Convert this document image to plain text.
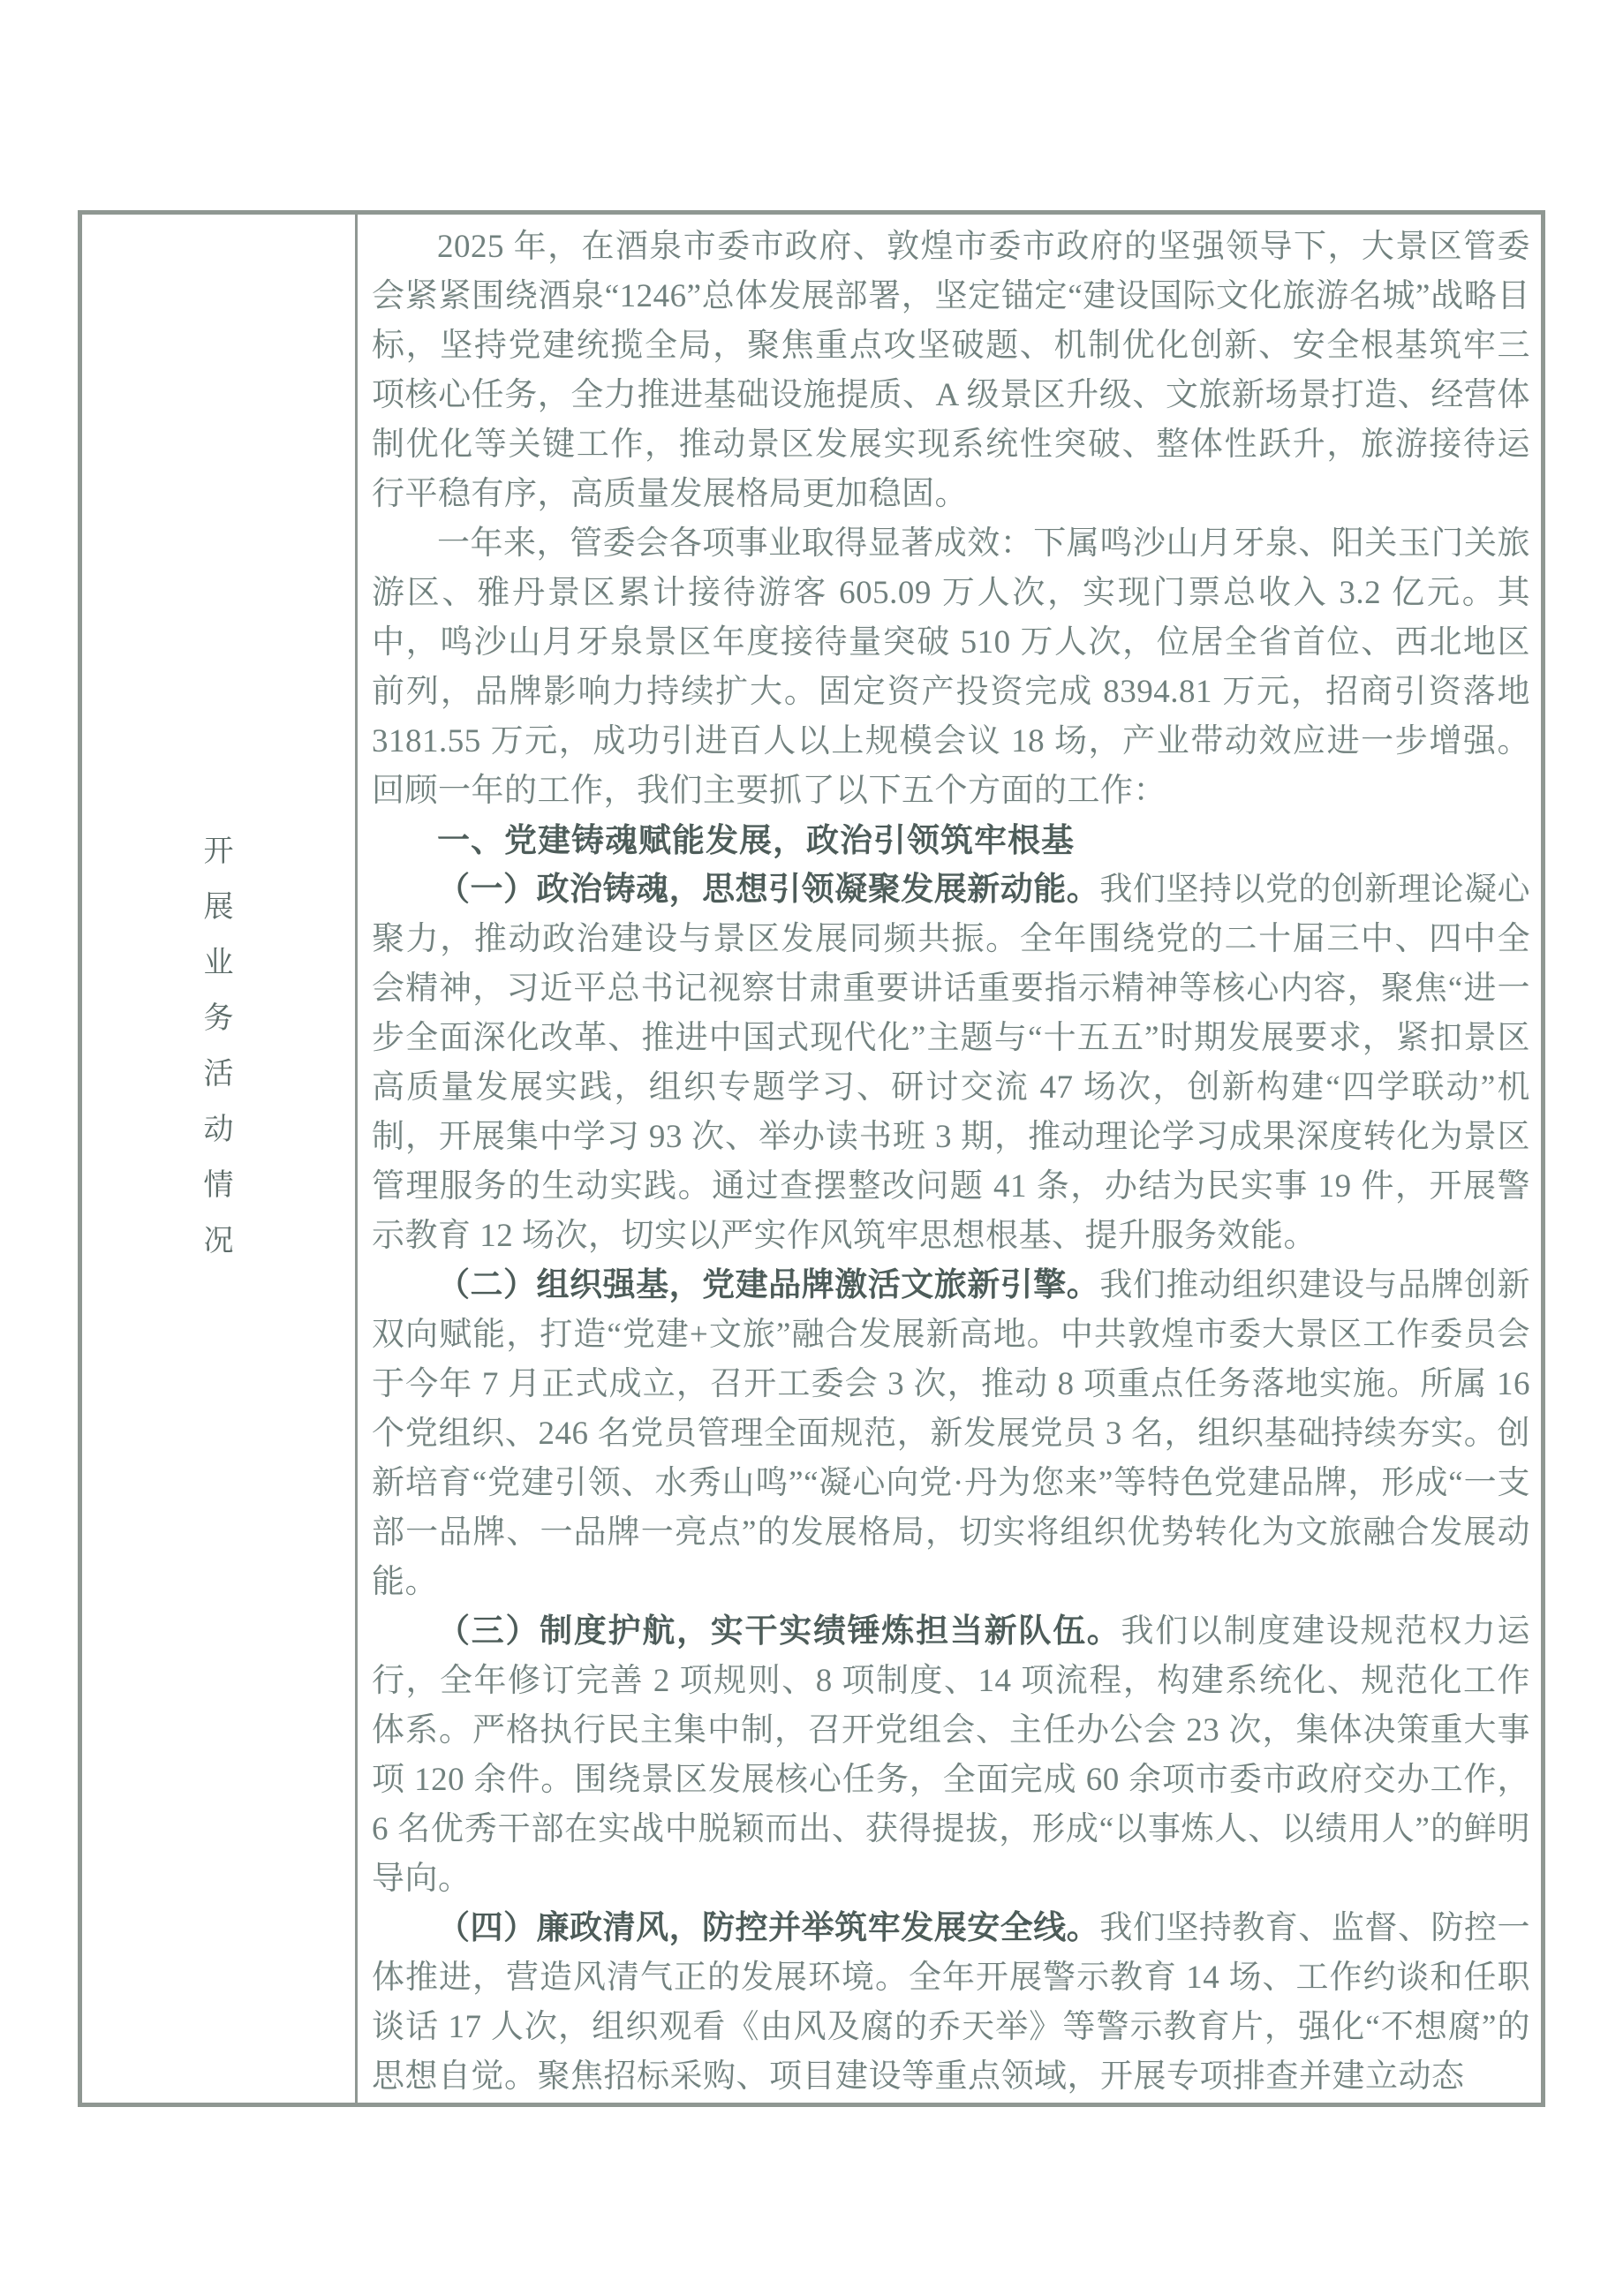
开
展
业
务
活
动
情
况

2025 年，在酒泉市委市政府、敦煌市委市政府的坚强领导下，大景区管委会紧紧围绕酒泉“1246”总体发展部署，坚定锚定“建设国际文化旅游名城”战略目标，坚持党建统揽全局，聚焦重点攻坚破题、机制优化创新、安全根基筑牢三项核心任务，全力推进基础设施提质、A 级景区升级、文旅新场景打造、经营体制优化等关键工作，推动景区发展实现系统性突破、整体性跃升，旅游接待运行平稳有序，高质量发展格局更加稳固。

一年来，管委会各项事业取得显著成效：下属鸣沙山月牙泉、阳关玉门关旅游区、雅丹景区累计接待游客 605.09 万人次，实现门票总收入 3.2 亿元。其中，鸣沙山月牙泉景区年度接待量突破 510 万人次，位居全省首位、西北地区前列，品牌影响力持续扩大。固定资产投资完成 8394.81 万元，招商引资落地 3181.55 万元，成功引进百人以上规模会议 18 场，产业带动效应进一步增强。回顾一年的工作，我们主要抓了以下五个方面的工作：

一、党建铸魂赋能发展，政治引领筑牢根基

（一）政治铸魂，思想引领凝聚发展新动能。我们坚持以党的创新理论凝心聚力，推动政治建设与景区发展同频共振。全年围绕党的二十届三中、四中全会精神，习近平总书记视察甘肃重要讲话重要指示精神等核心内容，聚焦“进一步全面深化改革、推进中国式现代化”主题与“十五五”时期发展要求，紧扣景区高质量发展实践，组织专题学习、研讨交流 47 场次，创新构建“四学联动”机制，开展集中学习 93 次、举办读书班 3 期，推动理论学习成果深度转化为景区管理服务的生动实践。通过查摆整改问题 41 条，办结为民实事 19 件，开展警示教育 12 场次，切实以严实作风筑牢思想根基、提升服务效能。

（二）组织强基，党建品牌激活文旅新引擎。我们推动组织建设与品牌创新双向赋能，打造“党建+文旅”融合发展新高地。中共敦煌市委大景区工作委员会于今年 7 月正式成立，召开工委会 3 次，推动 8 项重点任务落地实施。所属 16 个党组织、246 名党员管理全面规范，新发展党员 3 名，组织基础持续夯实。创新培育“党建引领、水秀山鸣”“凝心向党·丹为您来”等特色党建品牌，形成“一支部一品牌、一品牌一亮点”的发展格局，切实将组织优势转化为文旅融合发展动能。

（三）制度护航，实干实绩锤炼担当新队伍。我们以制度建设规范权力运行，全年修订完善 2 项规则、8 项制度、14 项流程，构建系统化、规范化工作体系。严格执行民主集中制，召开党组会、主任办公会 23 次，集体决策重大事项 120 余件。围绕景区发展核心任务，全面完成 60 余项市委市政府交办工作，6 名优秀干部在实战中脱颖而出、获得提拔，形成“以事炼人、以绩用人”的鲜明导向。

（四）廉政清风，防控并举筑牢发展安全线。我们坚持教育、监督、防控一体推进，营造风清气正的发展环境。全年开展警示教育 14 场、工作约谈和任职谈话 17 人次，组织观看《由风及腐的乔天举》等警示教育片，强化“不想腐”的思想自觉。聚焦招标采购、项目建设等重点领域，开展专项排查并建立动态
